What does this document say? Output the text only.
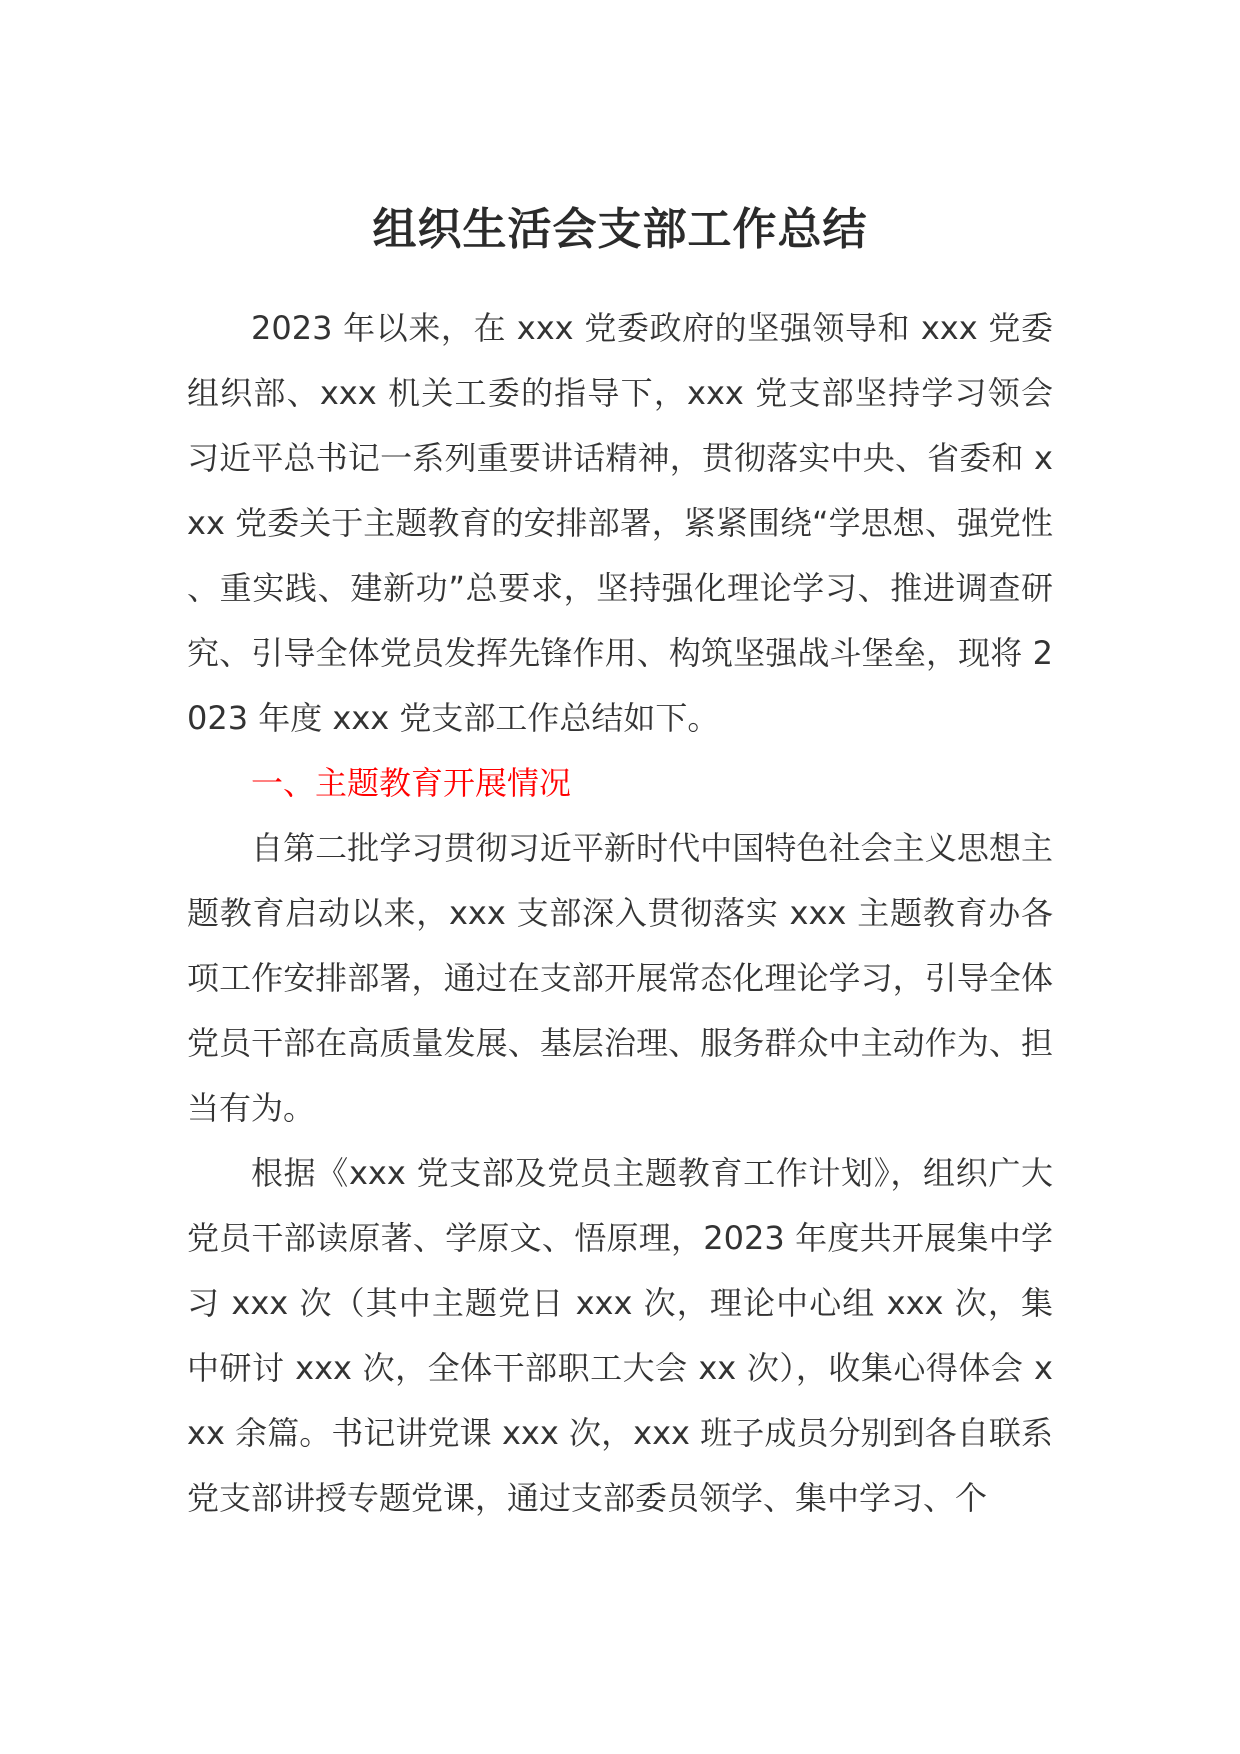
组织生活会支部工作总结

2023 年以来，在 xxx 党委政府的坚强领导和 xxx 党委组织部、xxx 机关工委的指导下，xxx 党支部坚持学习领会习近平总书记一系列重要讲话精神，贯彻落实中央、省委和 xxx 党委关于主题教育的安排部署，紧紧围绕“学思想、强党性、重实践、建新功”总要求，坚持强化理论学习、推进调查研究、引导全体党员发挥先锋作用、构筑坚强战斗堡垒，现将 2023 年度 xxx 党支部工作总结如下。

一、主题教育开展情况

自第二批学习贯彻习近平新时代中国特色社会主义思想主题教育启动以来，xxx 支部深入贯彻落实 xxx 主题教育办各项工作安排部署，通过在支部开展常态化理论学习，引导全体党员干部在高质量发展、基层治理、服务群众中主动作为、担当有为。

根据《xxx 党支部及党员主题教育工作计划》，组织广大党员干部读原著、学原文、悟原理，2023 年度共开展集中学习 xxx 次（其中主题党日 xxx 次，理论中心组 xxx 次，集中研讨 xxx 次，全体干部职工大会 xx 次），收集心得体会 xxx 余篇。书记讲党课 xxx 次，xxx 班子成员分别到各自联系党支部讲授专题党课，通过支部委员领学、集中学习、个
